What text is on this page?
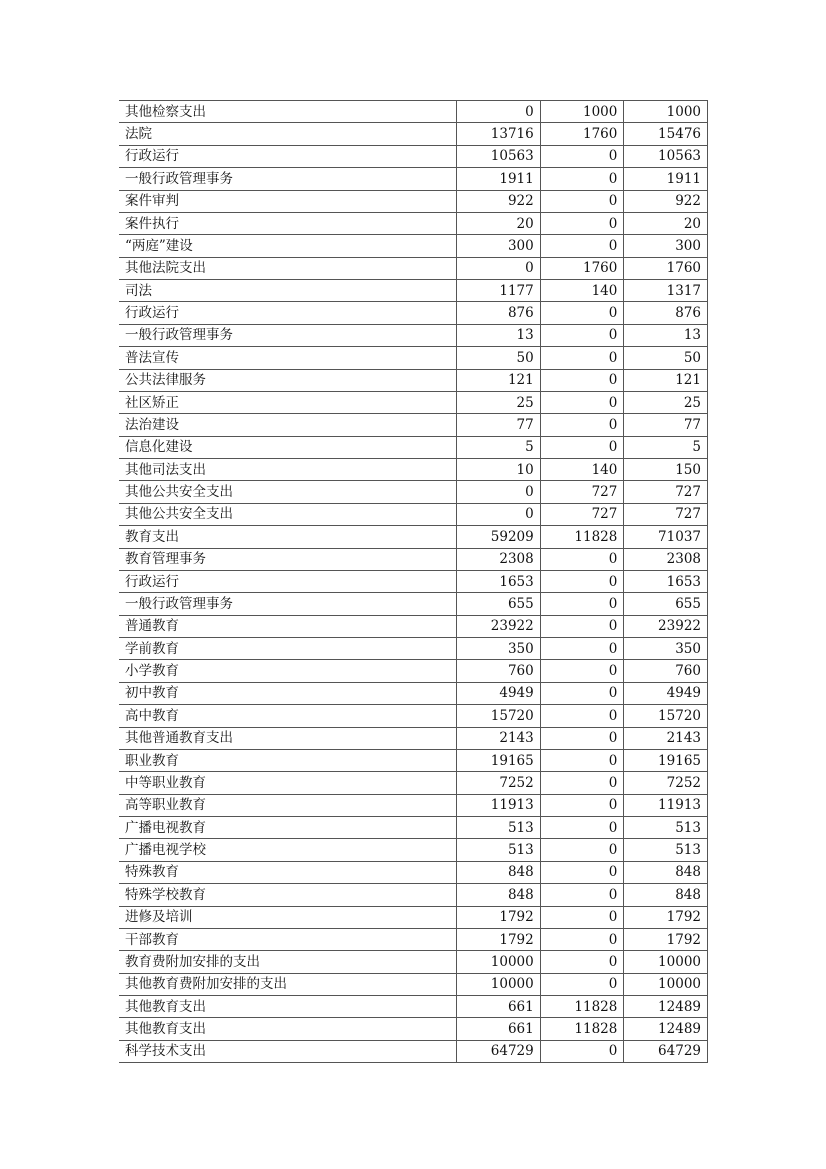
其他检察支出	0	1000	1000
法院	13716	1760	15476
行政运行	10563	0	10563
一般行政管理事务	1911	0	1911
案件审判	922	0	922
案件执行	20	0	20
“两庭”建设	300	0	300
其他法院支出	0	1760	1760
司法	1177	140	1317
行政运行	876	0	876
一般行政管理事务	13	0	13
普法宣传	50	0	50
公共法律服务	121	0	121
社区矫正	25	0	25
法治建设	77	0	77
信息化建设	5	0	5
其他司法支出	10	140	150
其他公共安全支出	0	727	727
其他公共安全支出	0	727	727
教育支出	59209	11828	71037
教育管理事务	2308	0	2308
行政运行	1653	0	1653
一般行政管理事务	655	0	655
普通教育	23922	0	23922
学前教育	350	0	350
小学教育	760	0	760
初中教育	4949	0	4949
高中教育	15720	0	15720
其他普通教育支出	2143	0	2143
职业教育	19165	0	19165
中等职业教育	7252	0	7252
高等职业教育	11913	0	11913
广播电视教育	513	0	513
广播电视学校	513	0	513
特殊教育	848	0	848
特殊学校教育	848	0	848
进修及培训	1792	0	1792
干部教育	1792	0	1792
教育费附加安排的支出	10000	0	10000
其他教育费附加安排的支出	10000	0	10000
其他教育支出	661	11828	12489
其他教育支出	661	11828	12489
科学技术支出	64729	0	64729
